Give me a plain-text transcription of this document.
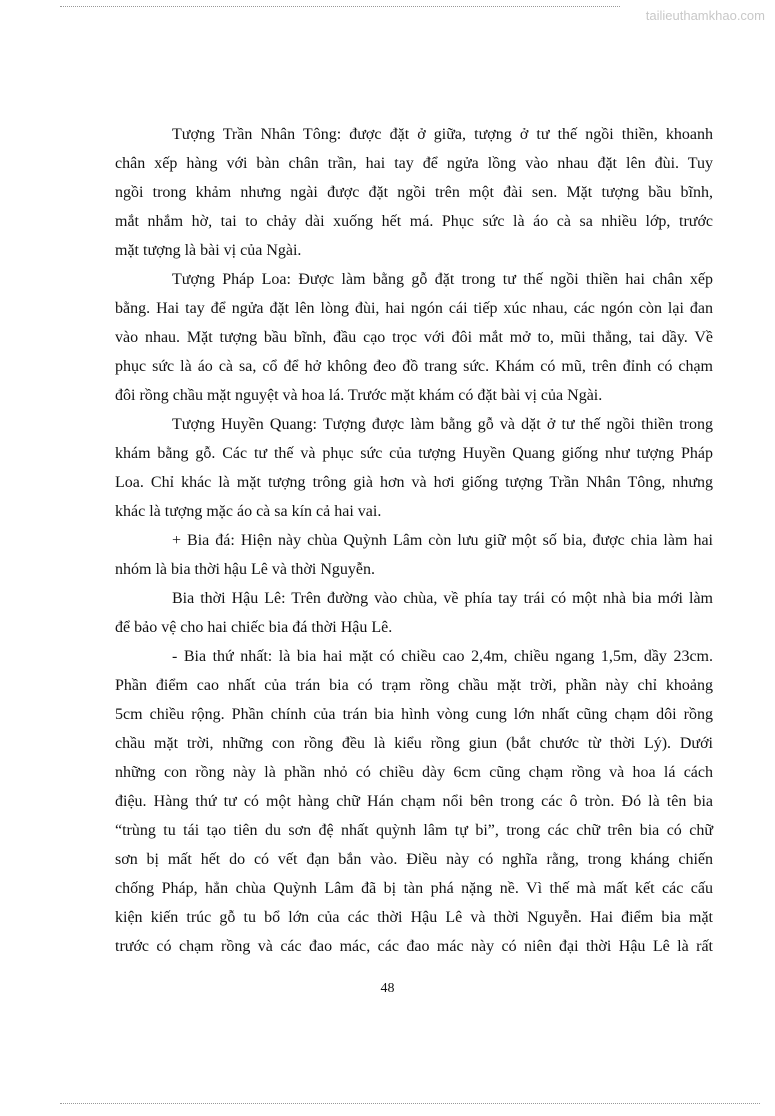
tailieuthamkhao.com
Tượng Trần Nhân Tông: được đặt ở giữa, tượng ở tư thế ngồi thiền, khoanh
chân xếp hàng với bàn chân trần, hai tay để ngửa lồng vào nhau đặt lên đùi. Tuy
ngồi trong khảm nhưng ngài được đặt ngồi trên một đài sen. Mặt tượng bầu bĩnh,
mắt nhắm hờ, tai to chảy dài xuống hết má. Phục sức là áo cà sa nhiều lớp, trước
mặt tượng là bài vị của Ngài.
Tượng Pháp Loa: Được làm bằng gỗ đặt trong tư thế ngồi thiền hai chân xếp
bằng. Hai tay để ngửa đặt lên lòng đùi, hai ngón cái tiếp xúc nhau, các ngón còn lại đan
vào nhau. Mặt tượng bầu bĩnh, đầu cạo trọc với đôi mắt mở to, mũi thẳng, tai dầy. Về
phục sức là áo cà sa, cổ để hở không đeo đồ trang sức. Khám có mũ, trên đỉnh có chạm
đôi rồng chầu mặt nguyệt và hoa lá. Trước mặt khám có đặt bài vị của Ngài.
Tượng Huyền Quang: Tượng được làm bằng gỗ và dặt ở tư thế ngồi thiền trong
khám bằng gỗ. Các tư thế và phục sức của tượng Huyền Quang giống như tượng Pháp
Loa. Chỉ khác là mặt tượng trông già hơn và hơi giống tượng Trần Nhân Tông, nhưng
khác là tượng mặc áo cà sa kín cả hai vai.
+ Bia đá: Hiện này chùa Quỳnh Lâm còn lưu giữ một số bia, được chia làm hai
nhóm là bia thời hậu Lê và thời Nguyễn.
Bia thời Hậu Lê: Trên đường vào chùa, về phía tay trái có một nhà bia mới làm
để bảo vệ cho hai chiếc bia đá thời Hậu Lê.
- Bia thứ nhất: là bia hai mặt có chiều cao 2,4m, chiều ngang 1,5m, dầy 23cm.
Phần điểm cao nhất của trán bia có trạm rồng chầu mặt trời, phần này chỉ khoảng
5cm chiều rộng. Phần chính của trán bia hình vòng cung lớn nhất cũng chạm dôi rồng
chầu mặt trời, những con rồng đều là kiểu rồng giun (bắt chước từ thời Lý). Dưới
những con rồng này là phần nhỏ có chiều dày 6cm cũng chạm rồng và hoa lá cách
điệu. Hàng thứ tư có một hàng chữ Hán chạm nổi bên trong các ô tròn. Đó là tên bia
“trùng tu tái tạo tiên du sơn đệ nhất quỳnh lâm tự bi”, trong các chữ trên bia có chữ
sơn bị mất hết do có vết đạn bắn vào. Điều này có nghĩa rằng, trong kháng chiến
chống Pháp, hẳn chùa Quỳnh Lâm đã bị tàn phá nặng nề. Vì thế mà mất kết các cấu
kiện kiến trúc gỗ tu bổ lớn của các thời Hậu Lê và thời Nguyễn. Hai điểm bia mặt
trước có chạm rồng và các đao mác, các đao mác này có niên đại thời Hậu Lê là rất
48
